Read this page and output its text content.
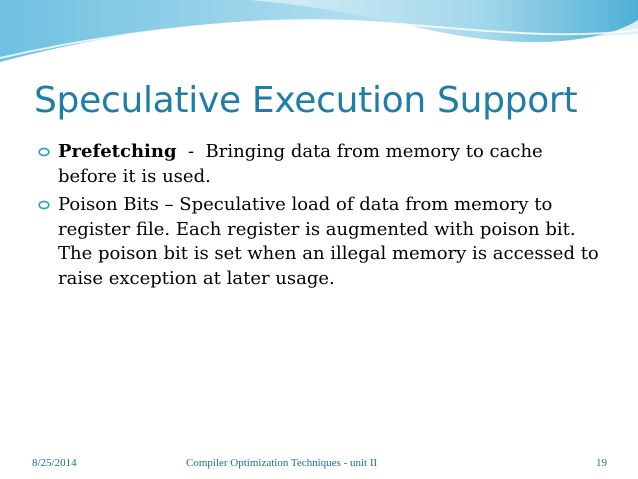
Speculative Execution Support
Prefetching  -  Bringing data from memory to cache before it is used.
Poison Bits – Speculative load of data from memory to register file. Each register is augmented with poison bit. The poison bit is set when an illegal memory is accessed to raise exception at later usage.
8/25/2014	Compiler Optimization Techniques - unit II	19
